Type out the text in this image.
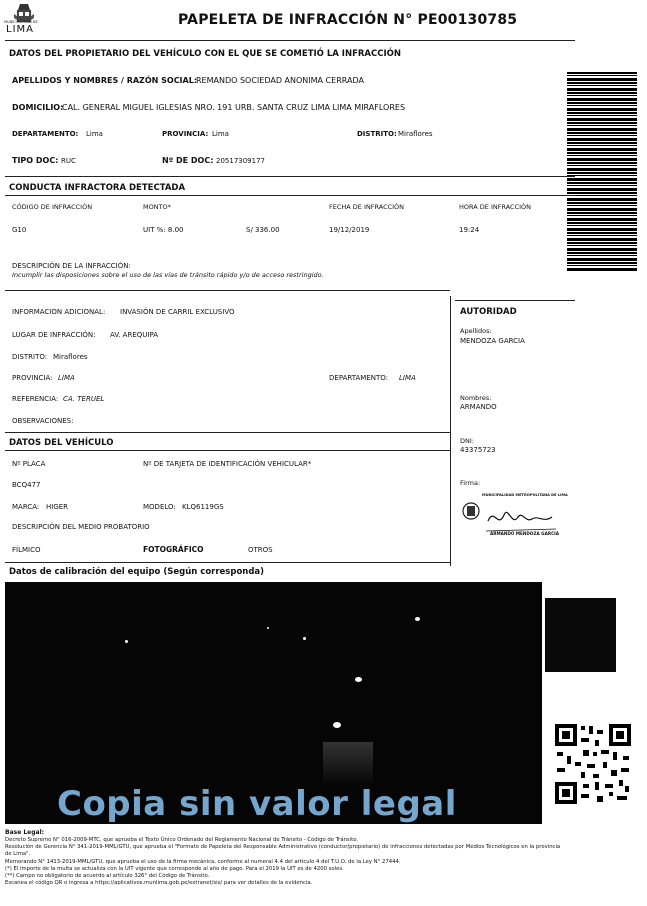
MUNICIPALIDAD DE
LIMA
PAPELETA DE INFRACCIÓN N° PE00130785
DATOS DEL PROPIETARIO DEL VEHÍCULO CON EL QUE SE COMETIÓ LA INFRACCIÓN
APELLIDOS Y NOMBRES / RAZÓN SOCIAL:
REMANDO SOCIEDAD ANONIMA CERRADA
DOMICILIO:
CAL. GENERAL MIGUEL IGLESIAS NRO. 191 URB. SANTA CRUZ LIMA LIMA MIRAFLORES
DEPARTAMENTO: Lima	PROVINCIA: Lima	DISTRITO: Miraflores
TIPO DOC: RUC	Nº DE DOC: 20517309177
CONDUCTA INFRACTORA DETECTADA
CÓDIGO DE INFRACCIÓN	MONTO*	FECHA DE INFRACCIÓN	HORA DE INFRACCIÓN
G10	UIT %: 8.00	S/ 336.00	19/12/2019	19:24
DESCRIPCIÓN DE LA INFRACCIÓN:
Incumplir las disposiciones sobre el uso de las vías de tránsito rápido y/o de acceso restringido.
INFORMACION ADICIONAL: INVASIÓN DE CARRIL EXCLUSIVO
LUGAR DE INFRACCIÓN: AV. AREQUIPA
DISTRITO: Miraflores
PROVINCIA: LIMA	DEPARTAMENTO: LIMA
REFERENCIA: CA. TERUEL
OBSERVACIONES:
AUTORIDAD
Apellidos:
MENDOZA GARCIA
Nombres:
ARMANDO
DNI:
43375723
Firma:
MUNICIPALIDAD METROPOLITANA DE LIMA
ARMANDO MENDOZA GARCIA
DATOS DEL VEHÍCULO
Nº PLACA	Nº DE TARJETA DE IDENTIFICACIÓN VEHICULAR*
BCQ477
MARCA: HIGER	MODELO: KLQ6119GS
DESCRIPCIÓN DEL MEDIO PROBATORIO
FÍLMICO	FOTOGRÁFICO	OTROS
Datos de calibración del equipo (Según corresponda)
Copia sin valor legal
Base Legal:
Decreto Supremo N° 016-2009-MTC, que aprueba el Texto Único Ordenado del Reglamento Nacional de Tránsito - Código de Tránsito.
Resolución de Gerencia N° 341-2019-MML/GTU, que aprueba el "Formato de Papeleta del Responsable Administrativo (conductor/propietario) de infracciones detectadas por Medios Tecnológicos en la provincia
de Lima".
Memorando N° 1413-2019-MML/GTU, que aprueba el uso de la firma mecánica, conforme al numeral 4.4 del artículo 4 del T.U.O. de la Ley N° 27444.
(*) El importe de la multa se actualiza con la UIT vigente que corresponde al año de pago. Para el 2019 la UIT es de 4200 soles.
(**) Campo no obligatorio de acuerdo al artículo 326° del Código de Tránsito.
Escanea el código QR o ingresa a https://aplicativos.munlima.gob.pe/extranet/sis/ para ver detalles de la evidencia.
